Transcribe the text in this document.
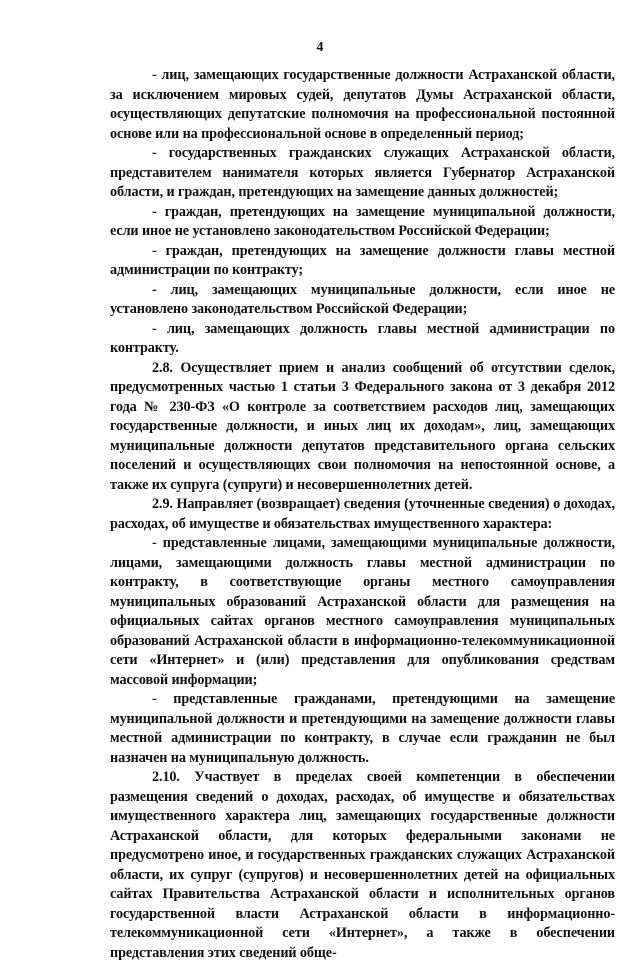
4

- лиц, замещающих государственные должности Астраханской области, за исключением мировых судей, депутатов Думы Астраханской области, осуществляющих депутатские полномочия на профессиональной постоянной основе или на профессиональной основе в определенный период;

- государственных гражданских служащих Астраханской области, представителем нанимателя которых является Губернатор Астраханской области, и граждан, претендующих на замещение данных должностей;

- граждан, претендующих на замещение муниципальной должности, если иное не установлено законодательством Российской Федерации;

- граждан, претендующих на замещение должности главы местной администрации по контракту;

- лиц, замещающих муниципальные должности, если иное не установлено законодательством Российской Федерации;

- лиц, замещающих должность главы местной администрации по контракту.

2.8. Осуществляет прием и анализ сообщений об отсутствии сделок, предусмотренных частью 1 статьи 3 Федерального закона от 3 декабря 2012 года № 230-ФЗ «О контроле за соответствием расходов лиц, замещающих государственные должности, и иных лиц их доходам», лиц, замещающих муниципальные должности депутатов представительного органа сельских поселений и осуществляющих свои полномочия на непостоянной основе, а также их супруга (супруги) и несовершеннолетних детей.

2.9. Направляет (возвращает) сведения (уточненные сведения) о доходах, расходах, об имуществе и обязательствах имущественного характера:

- представленные лицами, замещающими муниципальные должности, лицами, замещающими должность главы местной администрации по контракту, в соответствующие органы местного самоуправления муниципальных образований Астраханской области для размещения на официальных сайтах органов местного самоуправления муниципальных образований Астраханской области в информационно-телекоммуникационной сети «Интернет» и (или) представления для опубликования средствам массовой информации;

- представленные гражданами, претендующими на замещение муниципальной должности и претендующими на замещение должности главы местной администрации по контракту, в случае если гражданин не был назначен на муниципальную должность.

2.10. Участвует в пределах своей компетенции в обеспечении размещения сведений о доходах, расходах, об имуществе и обязательствах имущественного характера лиц, замещающих государственные должности Астраханской области, для которых федеральными законами не предусмотрено иное, и государственных гражданских служащих Астраханской области, их супруг (супругов) и несовершеннолетних детей на официальных сайтах Правительства Астраханской области и исполнительных органов государственной власти Астраханской области в информационно-телекоммуникационной сети «Интернет», а также в обеспечении представления этих сведений обще-
